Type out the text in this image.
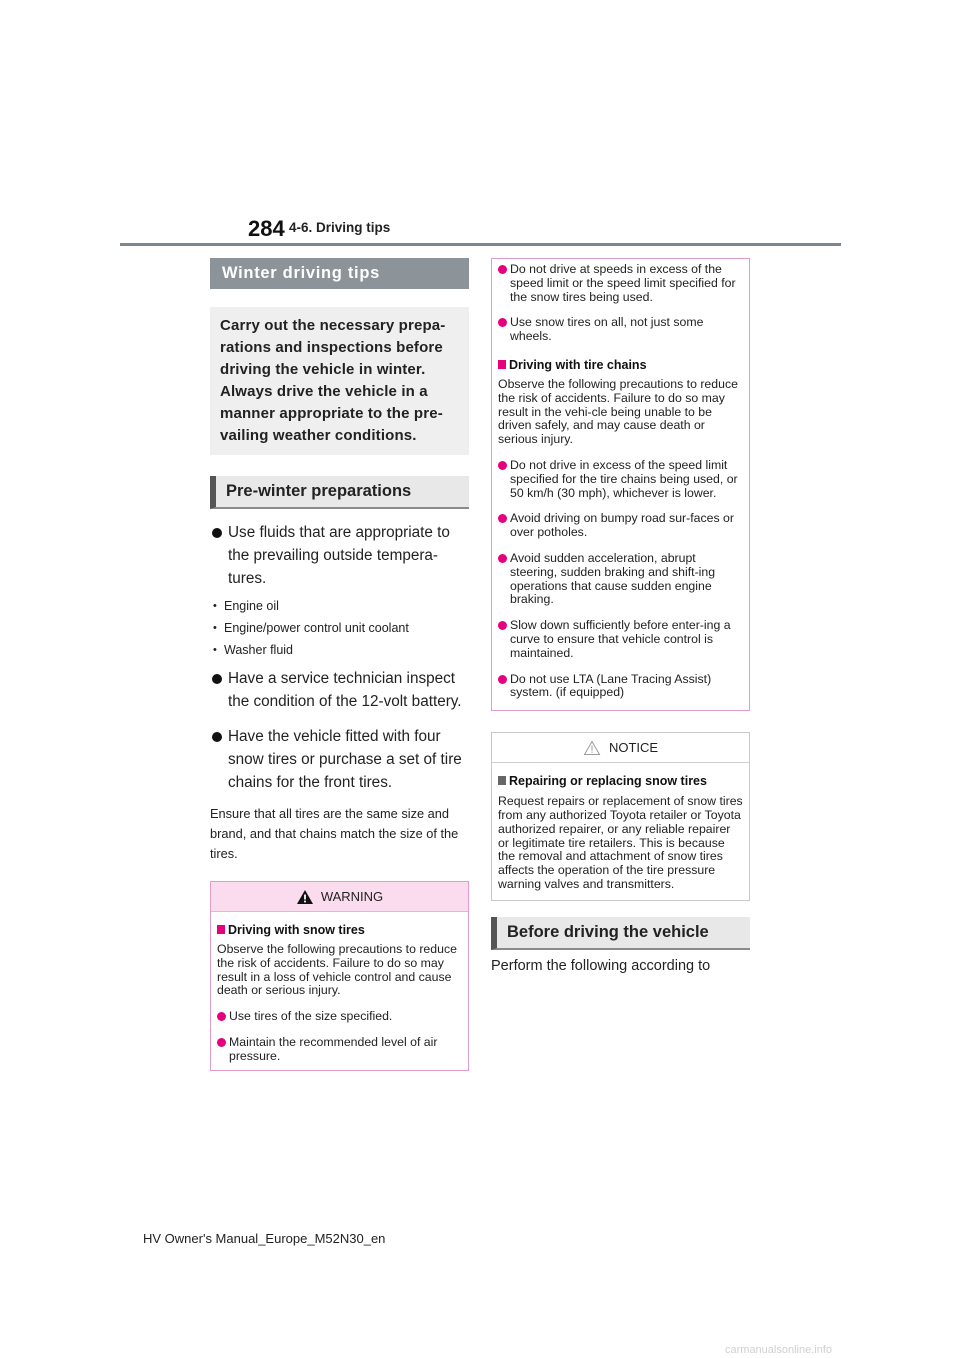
284 4-6. Driving tips
Winter driving tips
Carry out the necessary prepa-rations and inspections before driving the vehicle in winter. Always drive the vehicle in a manner appropriate to the pre-vailing weather conditions.
Pre-winter preparations
Use fluids that are appropriate to the prevailing outside tempera-tures.
• Engine oil
• Engine/power control unit coolant
• Washer fluid
Have a service technician inspect the condition of the 12-volt battery.
Have the vehicle fitted with four snow tires or purchase a set of tire chains for the front tires.
Ensure that all tires are the same size and brand, and that chains match the size of the tires.
WARNING
Driving with snow tires
Observe the following precautions to reduce the risk of accidents. Failure to do so may result in a loss of vehicle control and cause death or serious injury.
Use tires of the size specified.
Maintain the recommended level of air pressure.
Do not drive at speeds in excess of the speed limit or the speed limit specified for the snow tires being used.
Use snow tires on all, not just some wheels.
Driving with tire chains
Observe the following precautions to reduce the risk of accidents. Failure to do so may result in the vehi-cle being unable to be driven safely, and may cause death or serious injury.
Do not drive in excess of the speed limit specified for the tire chains being used, or 50 km/h (30 mph), whichever is lower.
Avoid driving on bumpy road sur-faces or over potholes.
Avoid sudden acceleration, abrupt steering, sudden braking and shift-ing operations that cause sudden engine braking.
Slow down sufficiently before enter-ing a curve to ensure that vehicle control is maintained.
Do not use LTA (Lane Tracing Assist) system. (if equipped)
NOTICE
Repairing or replacing snow tires
Request repairs or replacement of snow tires from any authorized Toyota retailer or Toyota authorized repairer, or any reliable repairer or legitimate tire retailers. This is because the removal and attachment of snow tires affects the operation of the tire pressure warning valves and transmitters.
Before driving the vehicle
Perform the following according to
HV Owner's Manual_Europe_M52N30_en
carmanualsonline.info
